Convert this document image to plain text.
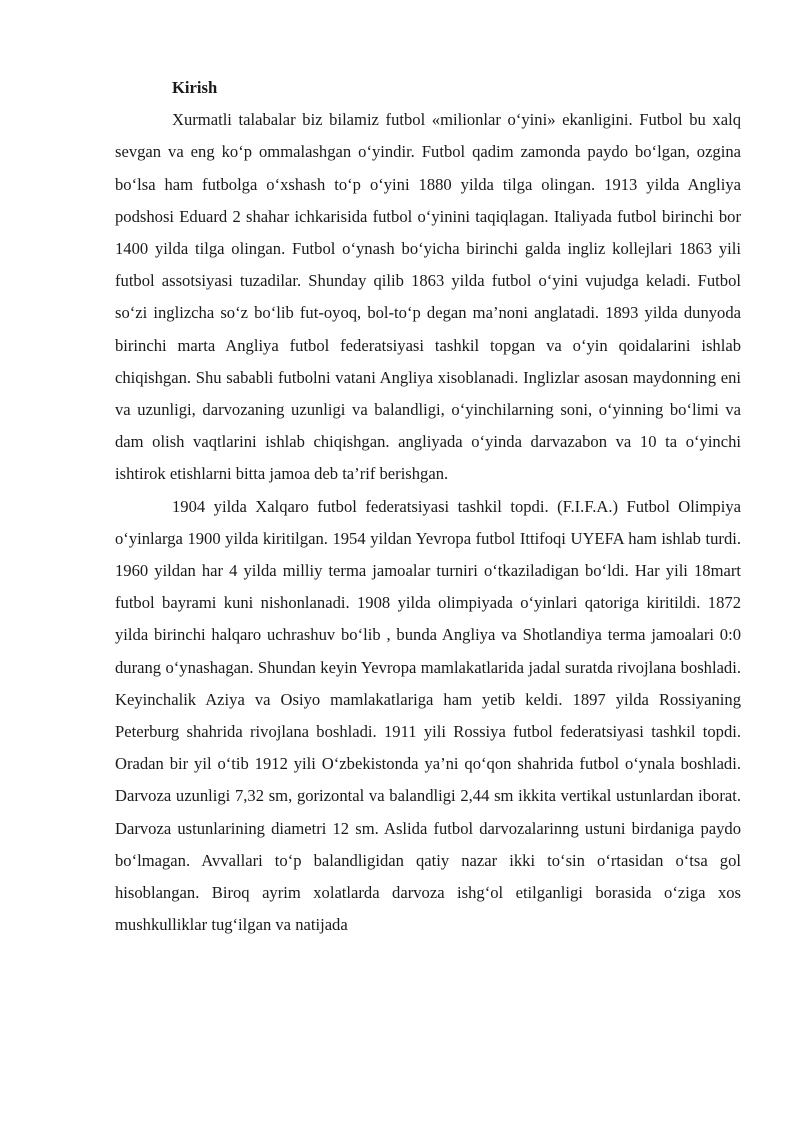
Kirish

Xurmatli talabalar biz bilamiz futbol «milionlar o‘yini» ekanligini. Futbol bu xalq sevgan va eng ko‘p ommalashgan o‘yindir. Futbol qadim zamonda paydo bo‘lgan, ozgina bo‘lsa ham futbolga o‘xshash to‘p o‘yini 1880 yilda tilga olingan. 1913 yilda Angliya podshosi Eduard 2 shahar ichkarisida futbol o‘yinini taqiqlagan. Italiyada futbol birinchi bor 1400 yilda tilga olingan. Futbol o‘ynash bo‘yicha birinchi galda ingliz kollejlari 1863 yili futbol assotsiyasi tuzadilar. Shunday qilib 1863 yilda futbol o‘yini vujudga keladi. Futbol so‘zi inglizcha so‘z bo‘lib fut-oyoq, bol-to‘p degan ma’noni anglatadi. 1893 yilda dunyoda birinchi marta Angliya futbol federatsiyasi tashkil topgan va o‘yin qoidalarini ishlab chiqishgan. Shu sababli futbolni vatani Angliya xisoblanadi. Inglizlar asosan maydonning eni va uzunligi, darvozaning uzunligi va balandligi, o‘yinchilarning soni, o‘yinning bo‘limi va dam olish vaqtlarini ishlab chiqishgan. angliyada o‘yinda darvazabon va 10 ta o‘yinchi ishtirok etishlarni bitta jamoa deb ta’rif berishgan.

1904 yilda Xalqaro futbol federatsiyasi tashkil topdi. (F.I.F.A.) Futbol Olimpiya o‘yinlarga 1900 yilda kiritilgan. 1954 yildan Yevropa futbol Ittifoqi UYEFA ham ishlab turdi. 1960 yildan har 4 yilda milliy terma jamoalar turniri o‘tkaziladigan bo‘ldi. Har yili 18mart futbol bayrami kuni nishonlanadi. 1908 yilda olimpiyada o‘yinlari qatoriga kiritildi. 1872 yilda birinchi halqaro uchrashuv bo‘lib , bunda Angliya va Shotlandiya terma jamoalari 0:0 durang o‘ynashagan. Shundan keyin Yevropa mamlakatlarida jadal suratda rivojlana boshladi. Keyinchalik Aziya va Osiyo mamlakatlariga ham yetib keldi. 1897 yilda Rossiyaning Peterburg shahrida rivojlana boshladi. 1911 yili Rossiya futbol federatsiyasi tashkil topdi. Oradan bir yil o‘tib 1912 yili O‘zbekistonda ya’ni qo‘qon shahrida futbol o‘ynala boshladi. Darvoza uzunligi 7,32 sm, gorizontal va balandligi 2,44 sm ikkita vertikal ustunlardan iborat. Darvoza ustunlarining diametri 12 sm. Aslida futbol darvozalarinng ustuni birdaniga paydo bo‘lmagan. Avvallari to‘p balandligidan qatiy nazar ikki to‘sin o‘rtasidan o‘tsa gol hisoblangan. Biroq ayrim xolatlarda darvoza ishg‘ol etilganligi borasida o‘ziga xos mushkulliklar tug‘ilgan va natijada
